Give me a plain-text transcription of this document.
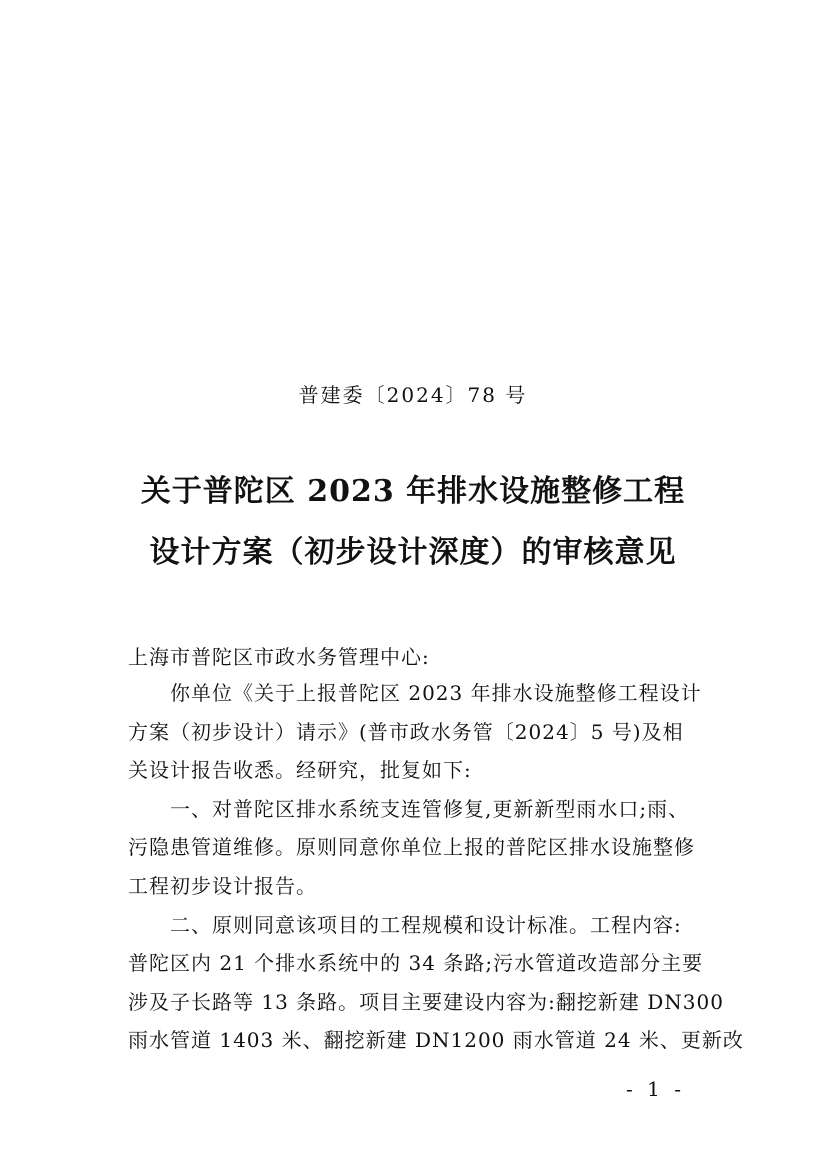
普建委〔2024〕78 号
关于普陀区 2023 年排水设施整修工程
设计方案（初步设计深度）的审核意见
上海市普陀区市政水务管理中心:
你单位《关于上报普陀区 2023 年排水设施整修工程设计
方案（初步设计）请示》(普市政水务管〔2024〕5 号)及相
关设计报告收悉。经研究，批复如下:
一、对普陀区排水系统支连管修复,更新新型雨水口;雨、
污隐患管道维修。原则同意你单位上报的普陀区排水设施整修
工程初步设计报告。
二、原则同意该项目的工程规模和设计标准。工程内容:
普陀区内 21 个排水系统中的 34 条路;污水管道改造部分主要
涉及子长路等 13 条路。项目主要建设内容为:翻挖新建 DN300
雨水管道 1403 米、翻挖新建 DN1200 雨水管道 24 米、更新改
- 1 -
